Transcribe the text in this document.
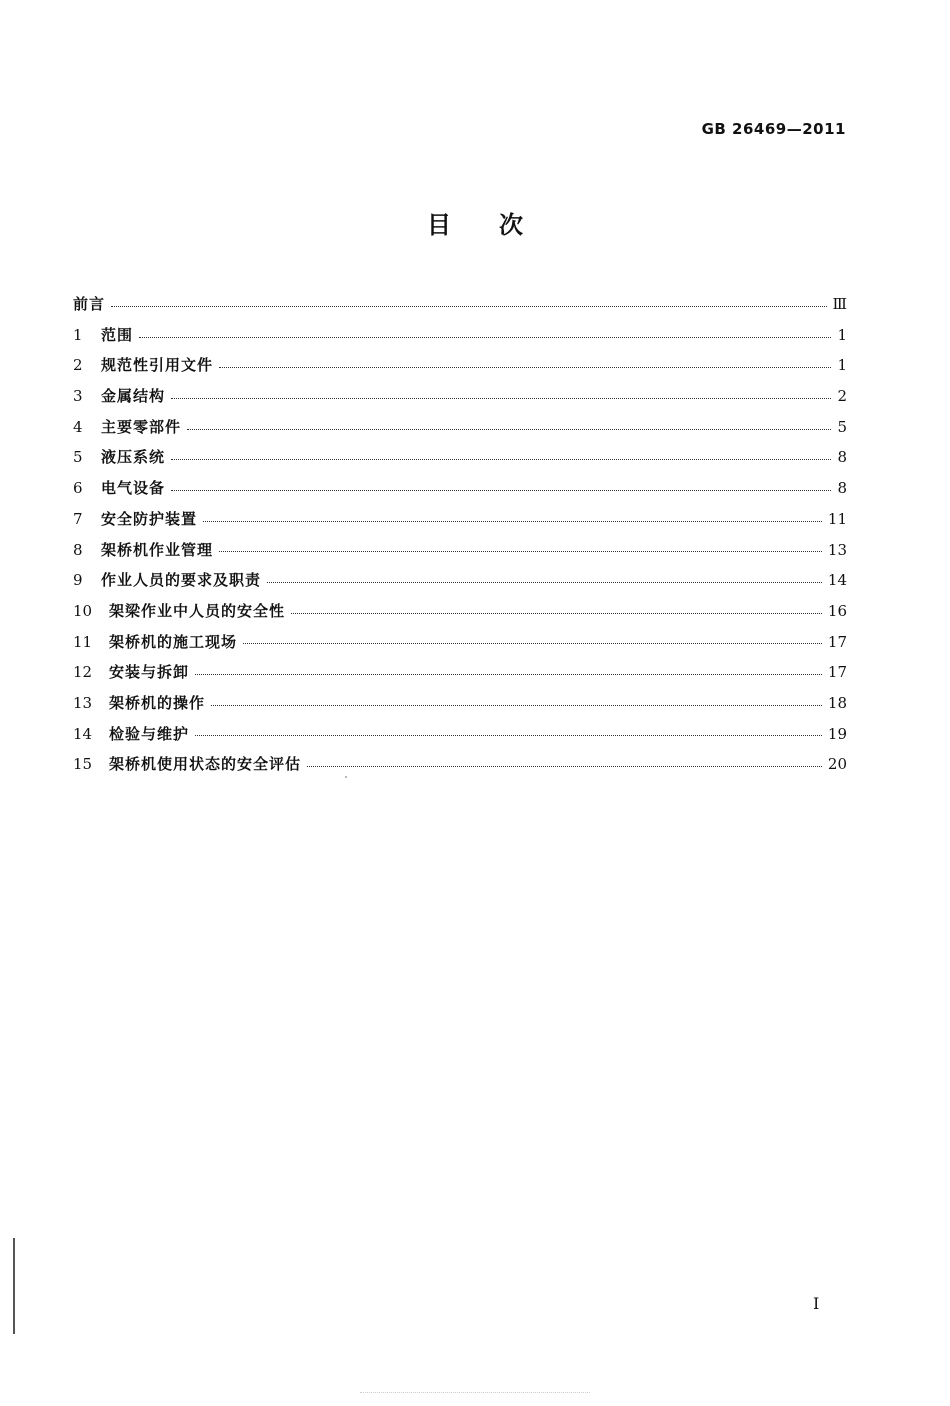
GB 26469—2011
目次
前言	Ⅲ
1	范围	1
2	规范性引用文件	1
3	金属结构	2
4	主要零部件	5
5	液压系统	8
6	电气设备	8
7	安全防护装置	11
8	架桥机作业管理	13
9	作业人员的要求及职责	14
10	架梁作业中人员的安全性	16
11	架桥机的施工现场	17
12	安装与拆卸	17
13	架桥机的操作	18
14	检验与维护	19
15	架桥机使用状态的安全评估	20
I
